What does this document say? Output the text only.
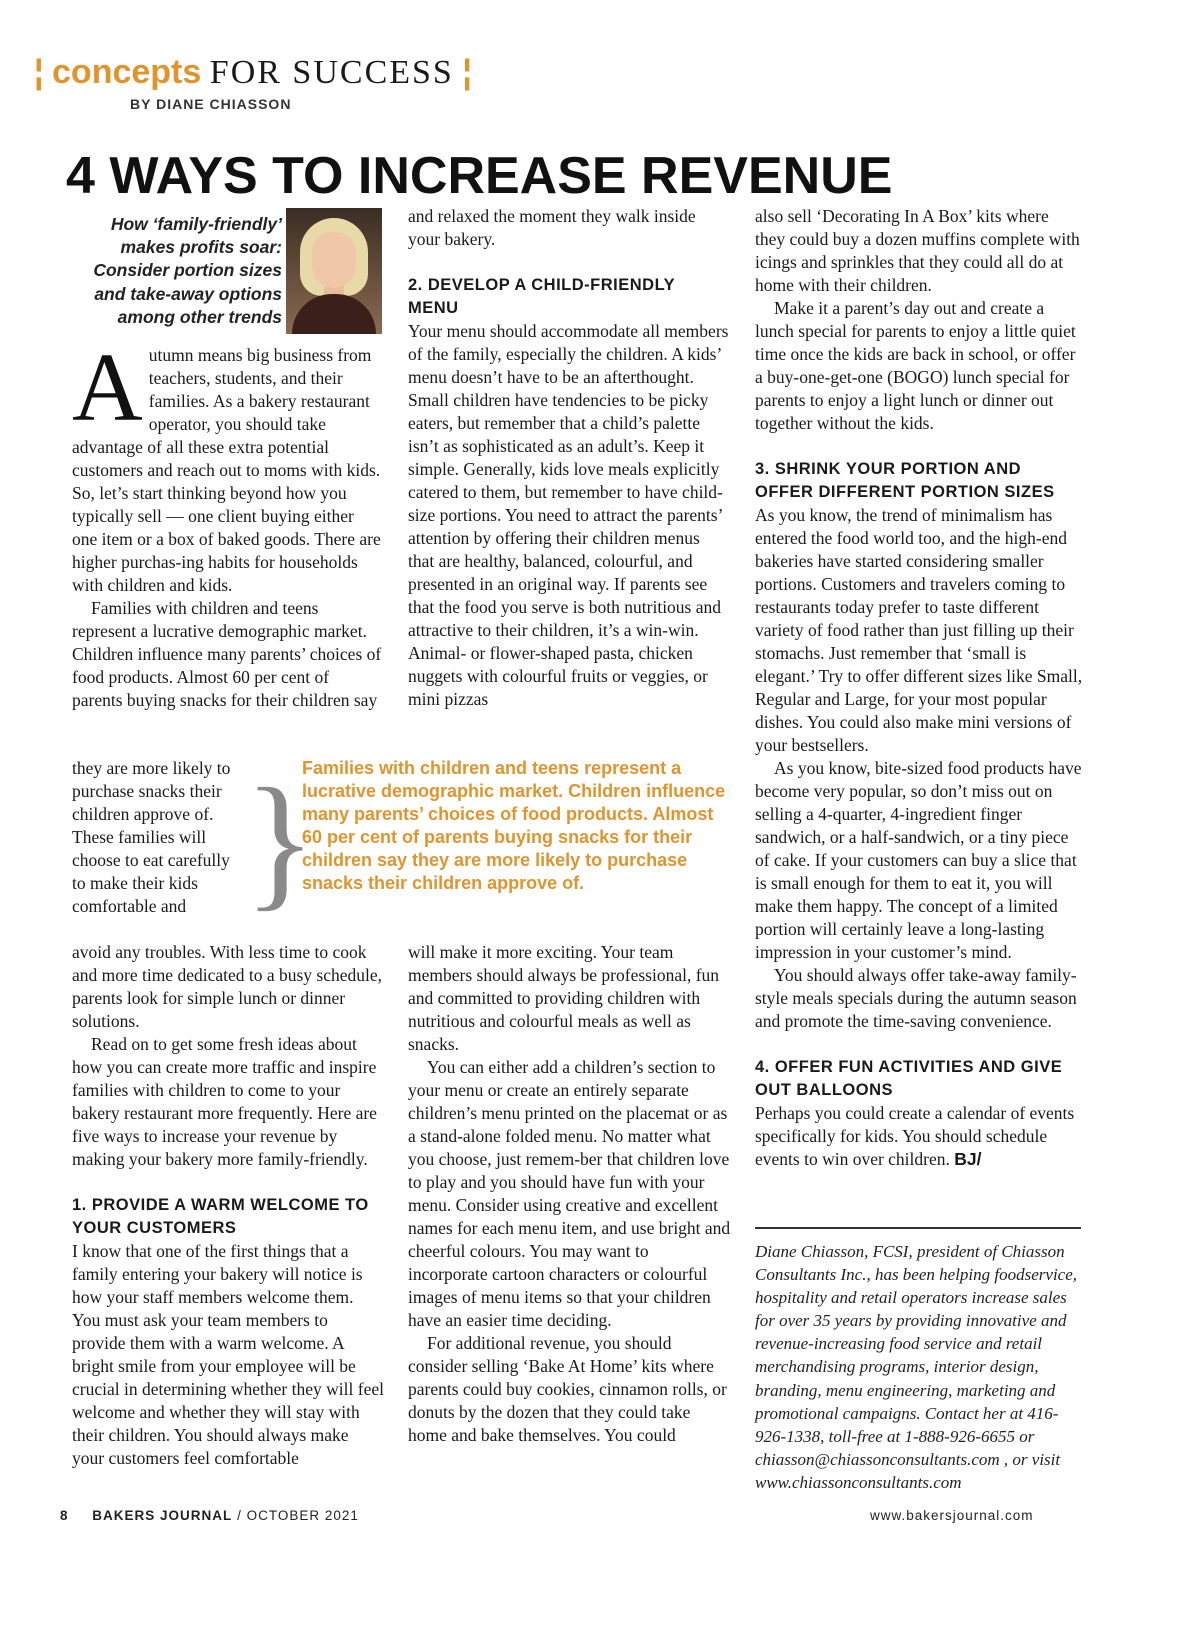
¦ concepts FOR SUCCESS ¦
BY DIANE CHIASSON
4 WAYS TO INCREASE REVENUE
How ‘family-friendly’ makes profits soar: Consider portion sizes and take-away options among other trends
A utumn means big business from teachers, students, and their families. As a bakery restaurant operator, you should take advantage of all these extra potential customers and reach out to moms with kids. So, let’s start thinking beyond how you typically sell — one client buying either one item or a box of baked goods. There are higher purchas-ing habits for households with children and kids.

Families with children and teens represent a lucrative demographic market. Children influence many parents’ choices of food products. Almost 60 per cent of parents buying snacks for their children say

they are more likely to purchase snacks their children approve of. These families will choose to eat carefully to make their kids comfortable and

avoid any troubles. With less time to cook and more time dedicated to a busy schedule, parents look for simple lunch or dinner solutions.

Read on to get some fresh ideas about how you can create more traffic and inspire families with children to come to your bakery restaurant more frequently. Here are five ways to increase your revenue by making your bakery more family-friendly.

1. PROVIDE A WARM WELCOME TO YOUR CUSTOMERS

I know that one of the first things that a family entering your bakery will notice is how your staff members welcome them. You must ask your team members to provide them with a warm welcome. A bright smile from your employee will be crucial in determining whether they will feel welcome and whether they will stay with their children. You should always make your customers feel comfortable

}
Families with children and teens represent a lucrative demographic market. Children influence many parents’ choices of food products. Almost 60 per cent of parents buying snacks for their children say they are more likely to purchase snacks their children approve of.

and relaxed the moment they walk inside your bakery.

2. DEVELOP A CHILD-FRIENDLY MENU

Your menu should accommodate all members of the family, especially the children. A kids’ menu doesn’t have to be an afterthought. Small children have tendencies to be picky eaters, but remember that a child’s palette isn’t as sophisticated as an adult’s. Keep it simple. Generally, kids love meals explicitly catered to them, but remember to have child-size portions. You need to attract the parents’ attention by offering their children menus that are healthy, balanced, colourful, and presented in an original way. If parents see that the food you serve is both nutritious and attractive to their children, it’s a win-win. Animal- or flower-shaped pasta, chicken nuggets with colourful fruits or veggies, or mini pizzas

will make it more exciting. Your team members should always be professional, fun and committed to providing children with nutritious and colourful meals as well as snacks.

You can either add a children’s section to your menu or create an entirely separate children’s menu printed on the placemat or as a stand-alone folded menu. No matter what you choose, just remem-ber that children love to play and you should have fun with your menu. Consider using creative and excellent names for each menu item, and use bright and cheerful colours. You may want to incorporate cartoon characters or colourful images of menu items so that your children have an easier time deciding.

For additional revenue, you should consider selling ‘Bake At Home’ kits where parents could buy cookies, cinnamon rolls, or donuts by the dozen that they could take home and bake themselves. You could

also sell ‘Decorating In A Box’ kits where they could buy a dozen muffins complete with icings and sprinkles that they could all do at home with their children.

Make it a parent’s day out and create a lunch special for parents to enjoy a little quiet time once the kids are back in school, or offer a buy-one-get-one (BOGO) lunch special for parents to enjoy a light lunch or dinner out together without the kids.

3. SHRINK YOUR PORTION AND OFFER DIFFERENT PORTION SIZES

As you know, the trend of minimalism has entered the food world too, and the high-end bakeries have started considering smaller portions. Customers and travelers coming to restaurants today prefer to taste different variety of food rather than just filling up their stomachs. Just remember that ‘small is elegant.’ Try to offer different sizes like Small, Regular and Large, for your most popular dishes. You could also make mini versions of your bestsellers.

As you know, bite-sized food products have become very popular, so don’t miss out on selling a 4-quarter, 4-ingredient finger sandwich, or a half-sandwich, or a tiny piece of cake. If your customers can buy a slice that is small enough for them to eat it, you will make them happy. The concept of a limited portion will certainly leave a long-lasting impression in your customer’s mind.

You should always offer take-away family-style meals specials during the autumn season and promote the time-saving convenience.

4. OFFER FUN ACTIVITIES AND GIVE OUT BALLOONS

Perhaps you could create a calendar of events specifically for kids. You should schedule events to win over children. BJ/

Diane Chiasson, FCSI, president of Chiasson Consultants Inc., has been helping foodservice, hospitality and retail operators increase sales for over 35 years by providing innovative and revenue-increasing food service and retail merchandising programs, interior design, branding, menu engineering, marketing and promotional campaigns. Contact her at 416-926-1338, toll-free at 1-888-926-6655 or chiasson@chiassonconsultants.com , or visit www.chiassonconsultants.com
8 BAKERS JOURNAL / OCTOBER 2021	www.bakersjournal.com
